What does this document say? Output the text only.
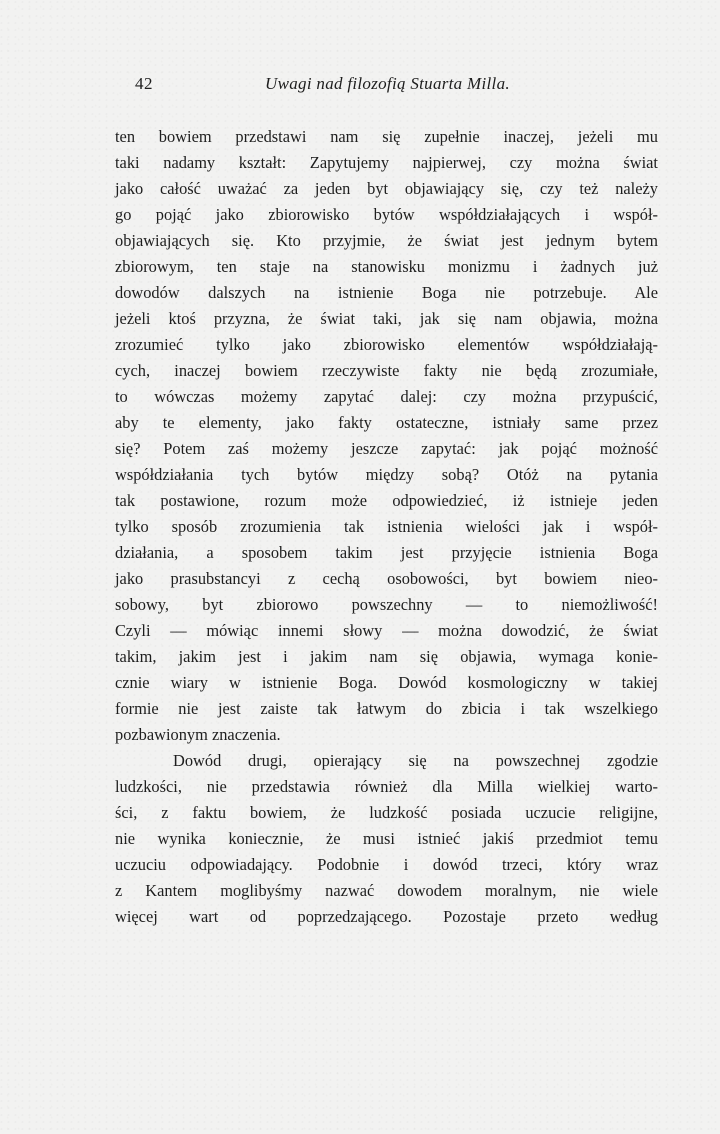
42	Uwagi nad filozofią Stuarta Milla.
ten bowiem przedstawi nam się zupełnie inaczej, jeżeli mu
taki nadamy kształt: Zapytujemy najpierwej, czy można świat
jako całość uważać za jeden byt objawiający się, czy też należy
go pojąć jako zbiorowisko bytów współdziałających i współ-
objawiających się. Kto przyjmie, że świat jest jednym bytem
zbiorowym, ten staje na stanowisku monizmu i żadnych już
dowodów dalszych na istnienie Boga nie potrzebuje. Ale
jeżeli ktoś przyzna, że świat taki, jak się nam objawia, można
zrozumieć tylko jako zbiorowisko elementów współdziałają-
cych, inaczej bowiem rzeczywiste fakty nie będą zrozumiałe,
to wówczas możemy zapytać dalej: czy można przypuścić,
aby te elementy, jako fakty ostateczne, istniały same przez
się? Potem zaś możemy jeszcze zapytać: jak pojąć możność
współdziałania tych bytów między sobą? Otóż na pytania
tak postawione, rozum może odpowiedzieć, iż istnieje jeden
tylko sposób zrozumienia tak istnienia wielości jak i współ-
działania, a sposobem takim jest przyjęcie istnienia Boga
jako prasubstancyi z cechą osobowości, byt bowiem nieo-
sobowy, byt zbiorowo powszechny — to niemożliwość!
Czyli — mówiąc innemi słowy — można dowodzić, że świat
takim, jakim jest i jakim nam się objawia, wymaga konie-
cznie wiary w istnienie Boga. Dowód kosmologiczny w takiej
formie nie jest zaiste tak łatwym do zbicia i tak wszelkiego
pozbawionym znaczenia.
Dowód drugi, opierający się na powszechnej zgodzie
ludzkości, nie przedstawia również dla Milla wielkiej warto-
ści, z faktu bowiem, że ludzkość posiada uczucie religijne,
nie wynika koniecznie, że musi istnieć jakiś przedmiot temu
uczuciu odpowiadający. Podobnie i dowód trzeci, który wraz
z Kantem moglibyśmy nazwać dowodem moralnym, nie wiele
więcej wart od poprzedzającego. Pozostaje przeto według
